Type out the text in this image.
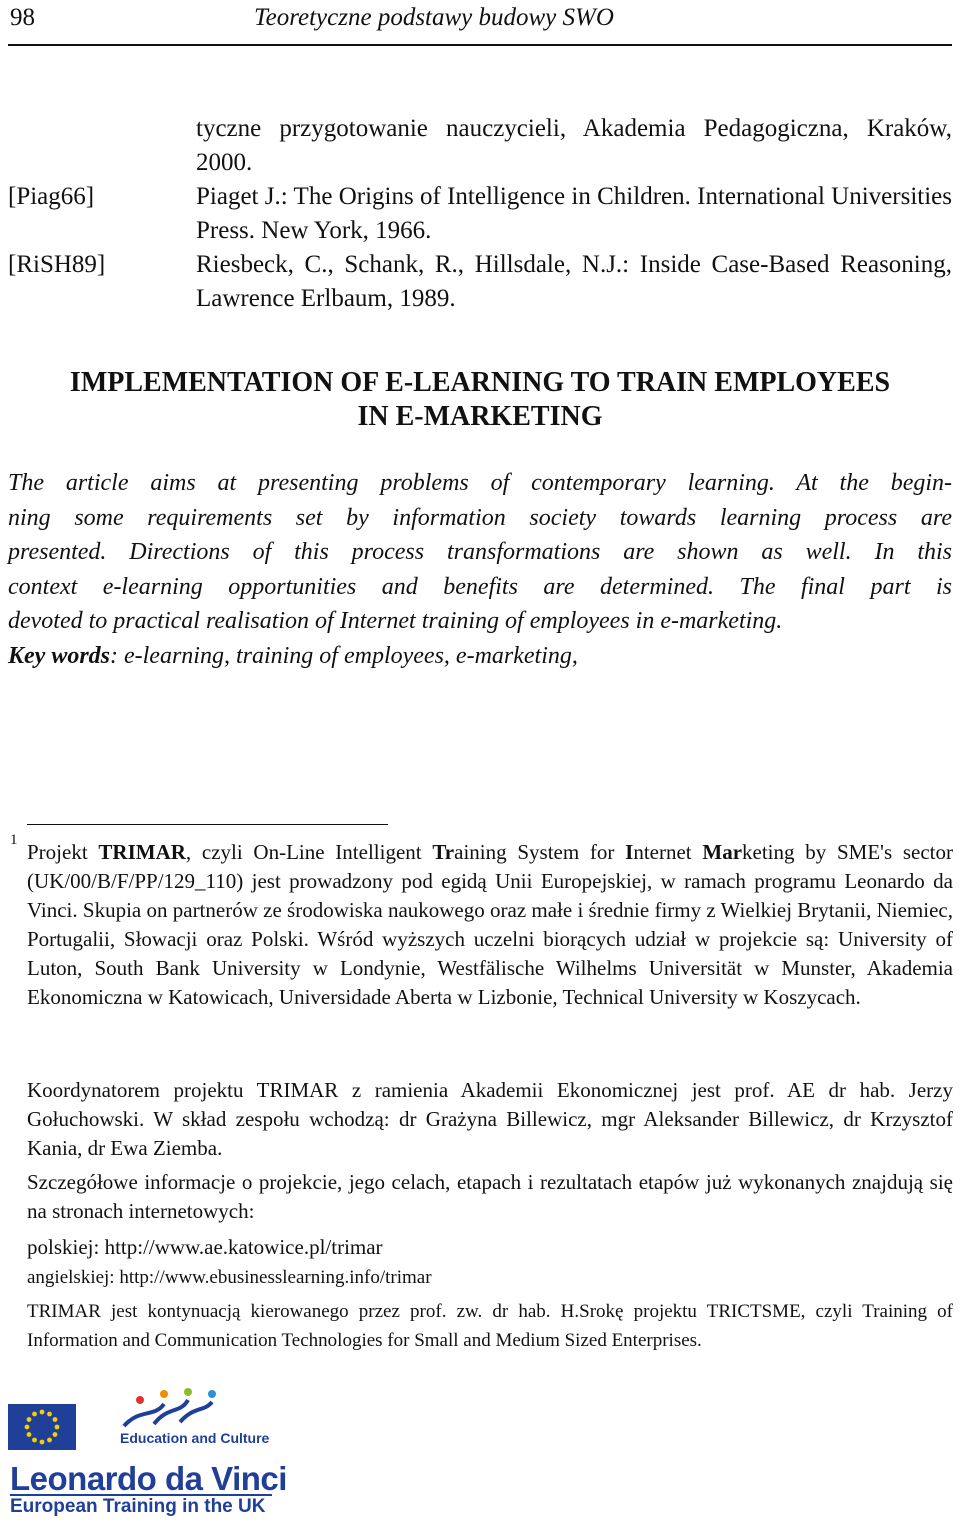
98	Teoretyczne podstawy budowy SWO
tyczne przygotowanie nauczycieli, Akademia Pedagogiczna, Kraków, 2000.
[Piag66]	Piaget J.: The Origins of Intelligence in Children. International Universities Press. New York, 1966.
[RiSH89]	Riesbeck, C., Schank, R., Hillsdale, N.J.: Inside Case-Based Reasoning, Lawrence Erlbaum, 1989.
IMPLEMENTATION OF E-LEARNING TO TRAIN EMPLOYEES
IN E-MARKETING
The article aims at presenting problems of contemporary learning. At the begin-
ning some requirements set by information society towards learning process are
presented. Directions of this process transformations are shown as well. In this
context e-learning opportunities and benefits are determined. The final part is
devoted to practical realisation of Internet training of employees in e-marketing.
Key words: e-learning, training of employees, e-marketing,
1 Projekt TRIMAR, czyli On-Line Intelligent Training System for Internet Marketing by SME's sector (UK/00/B/F/PP/129_110) jest prowadzony pod egidą Unii Europejskiej, w ramach programu Leonardo da Vinci. Skupia on partnerów ze środowiska naukowego oraz małe i średnie firmy z Wielkiej Brytanii, Niemiec, Portugalii, Słowacji oraz Polski. Wśród wyższych uczelni biorących udział w projekcie są: University of Luton, South Bank University w Londynie, Westfälische Wilhelms Universität w Munster, Akademia Ekonomiczna w Katowicach, Universidade Aberta w Lizbonie, Technical University w Koszycach.
Koordynatorem projektu TRIMAR z ramienia Akademii Ekonomicznej jest prof. AE dr hab. Jerzy Gołuchowski. W skład zespołu wchodzą: dr Grażyna Billewicz, mgr Aleksander Billewicz, dr Krzysztof Kania, dr Ewa Ziemba.
Szczegółowe informacje o projekcie, jego celach, etapach i rezultatach etapów już wykonanych znajdują się na stronach internetowych:
polskiej: http://www.ae.katowice.pl/trimar
angielskiej: http://www.ebusinesslearning.info/trimar
TRIMAR jest kontynuacją kierowanego przez prof. zw. dr hab. H.Srokę projektu TRICTSME, czyli Training of Information and Communication Technologies for Small and Medium Sized Enterprises.
Education and Culture
Leonardo da Vinci
European Training in the UK
